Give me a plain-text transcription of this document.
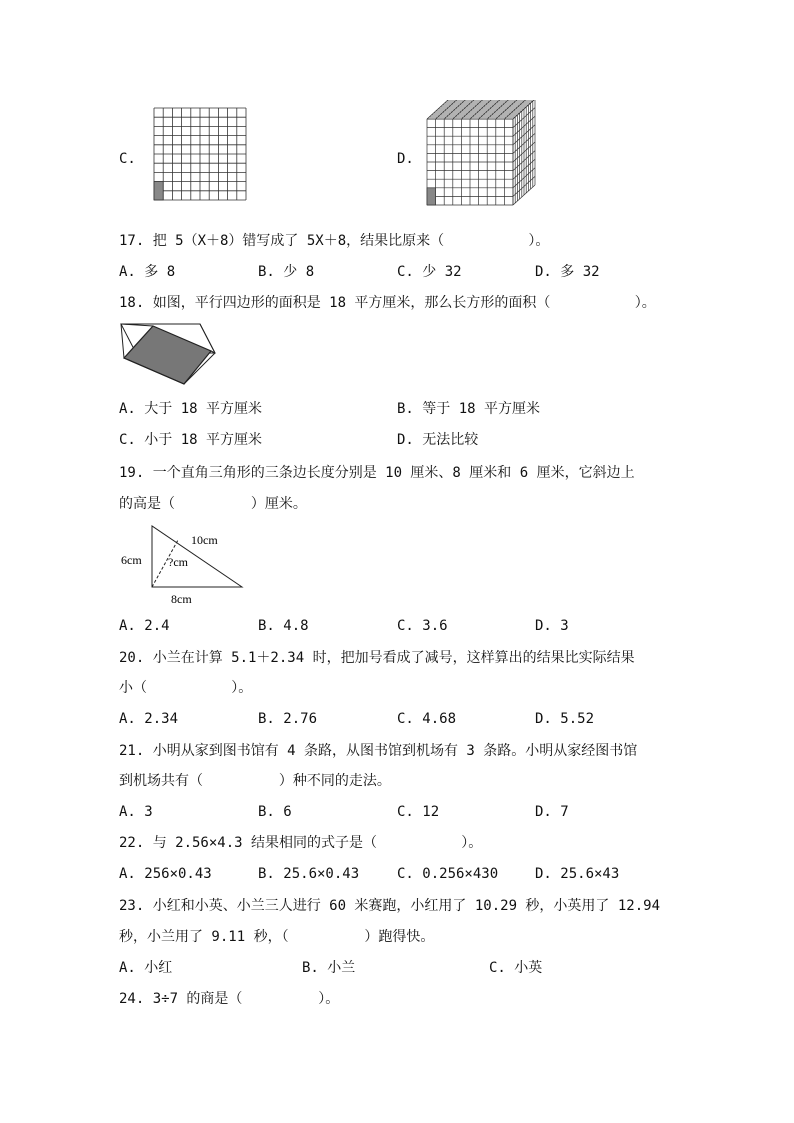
C.	D.
17. 把 5（X＋8）错写成了 5X＋8，结果比原来（          ）。
A. 多 8	B. 少 8	C. 少 32	D. 多 32
18. 如图，平行四边形的面积是 18 平方厘米，那么长方形的面积（          ）。
A. 大于 18 平方厘米	B. 等于 18 平方厘米
C. 小于 18 平方厘米	D. 无法比较
19. 一个直角三角形的三条边长度分别是 10 厘米、8 厘米和 6 厘米，它斜边上
的高是（         ）厘米。
10cm
6cm ?cm
8cm
A. 2.4	B. 4.8	C. 3.6	D. 3
20. 小兰在计算 5.1＋2.34 时，把加号看成了减号，这样算出的结果比实际结果
小（          ）。
A. 2.34	B. 2.76	C. 4.68	D. 5.52
21. 小明从家到图书馆有 4 条路，从图书馆到机场有 3 条路。小明从家经图书馆
到机场共有（         ）种不同的走法。
A. 3	B. 6	C. 12	D. 7
22. 与 2.56×4.3 结果相同的式子是（          ）。
A. 256×0.43	B. 25.6×0.43	C. 0.256×430	D. 25.6×43
23. 小红和小英、小兰三人进行 60 米赛跑，小红用了 10.29 秒，小英用了 12.94
秒，小兰用了 9.11 秒，（         ）跑得快。
A. 小红	B. 小兰	C. 小英
24. 3÷7 的商是（         ）。
